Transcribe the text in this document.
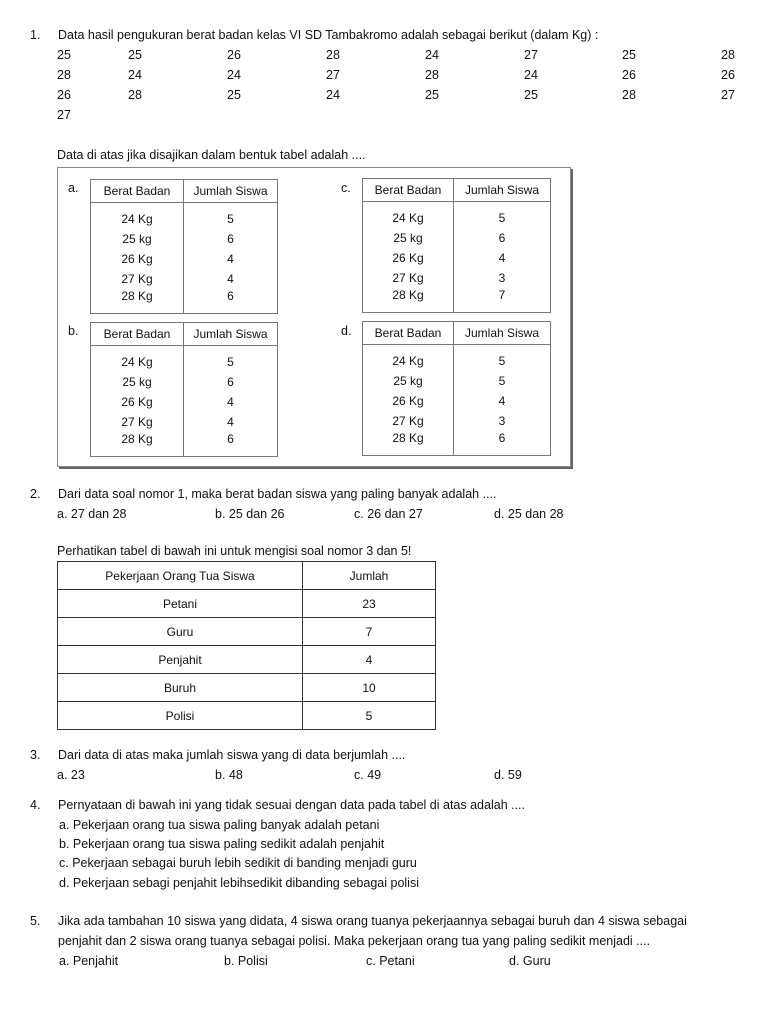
1. Data hasil pengukuran berat badan kelas VI SD Tambakromo adalah sebagai berikut (dalam Kg) :
25	25	26	28	24	27	25	28
28	24	24	27	28	24	26	26
26	28	25	24	25	25	28	27
27
Data di atas jika disajikan dalam bentuk tabel adalah ....
a.	c.
b.	d.
Berat Badan	Jumlah Siswa
24 Kg	5
25 kg	6
26 Kg	4
27 Kg	4
28 Kg	6
Berat Badan	Jumlah Siswa
24 Kg	5
25 kg	6
26 Kg	4
27 Kg	3
28 Kg	7
Berat Badan	Jumlah Siswa
24 Kg	5
25 kg	6
26 Kg	4
27 Kg	4
28 Kg	6
Berat Badan	Jumlah Siswa
24 Kg	5
25 kg	5
26 Kg	4
27 Kg	3
28 Kg	6
2. Dari data soal nomor 1, maka berat badan siswa yang paling banyak adalah ....
a. 27 dan 28	b. 25 dan 26	c. 26 dan 27	d. 25 dan 28
Perhatikan tabel di bawah ini untuk mengisi soal nomor 3 dan 5!
Pekerjaan Orang Tua Siswa	Jumlah
Petani	23
Guru	7
Penjahit	4
Buruh	10
Polisi	5
3. Dari data di atas maka jumlah siswa yang di data berjumlah ....
a. 23	b. 48	c. 49	d. 59
4. Pernyataan di bawah ini yang tidak sesuai dengan data pada tabel di atas adalah ....
a. Pekerjaan orang tua siswa paling banyak adalah petani
b. Pekerjaan orang tua siswa paling sedikit adalah penjahit
c. Pekerjaan sebagai buruh lebih sedikit di banding menjadi guru
d. Pekerjaan sebagi penjahit lebihsedikit dibanding sebagai polisi
5. Jika ada tambahan 10 siswa yang didata, 4 siswa orang tuanya pekerjaannya sebagai buruh dan 4 siswa sebagai
penjahit dan 2 siswa orang tuanya sebagai polisi. Maka pekerjaan orang tua yang paling sedikit menjadi ....
a. Penjahit	b. Polisi	c. Petani	d. Guru
